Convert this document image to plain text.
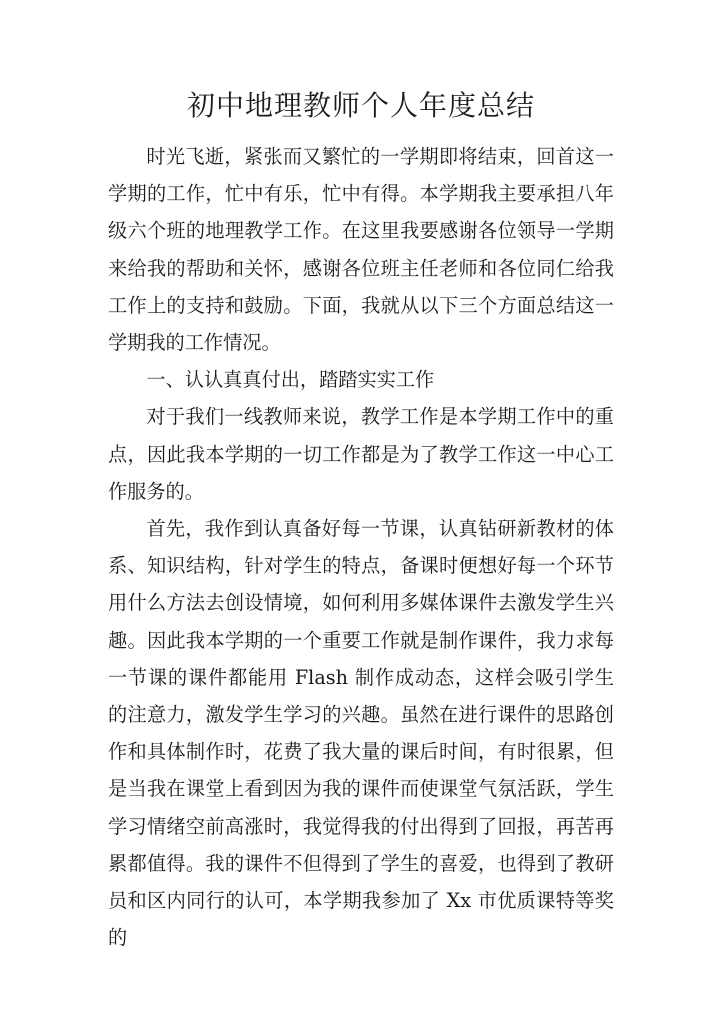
初中地理教师个人年度总结

时光飞逝，紧张而又繁忙的一学期即将结束，回首这一学期的工作，忙中有乐，忙中有得。本学期我主要承担八年级六个班的地理教学工作。在这里我要感谢各位领导一学期来给我的帮助和关怀，感谢各位班主任老师和各位同仁给我工作上的支持和鼓励。下面，我就从以下三个方面总结这一学期我的工作情况。

一、认认真真付出，踏踏实实工作

对于我们一线教师来说，教学工作是本学期工作中的重点，因此我本学期的一切工作都是为了教学工作这一中心工作服务的。

首先，我作到认真备好每一节课，认真钻研新教材的体系、知识结构，针对学生的特点，备课时便想好每一个环节用什么方法去创设情境，如何利用多媒体课件去激发学生兴趣。因此我本学期的一个重要工作就是制作课件，我力求每一节课的课件都能用 Flash 制作成动态，这样会吸引学生的注意力，激发学生学习的兴趣。虽然在进行课件的思路创作和具体制作时，花费了我大量的课后时间，有时很累，但是当我在课堂上看到因为我的课件而使课堂气氛活跃，学生学习情绪空前高涨时，我觉得我的付出得到了回报，再苦再累都值得。我的课件不但得到了学生的喜爱，也得到了教研员和区内同行的认可，本学期我参加了 Xx 市优质课特等奖的
